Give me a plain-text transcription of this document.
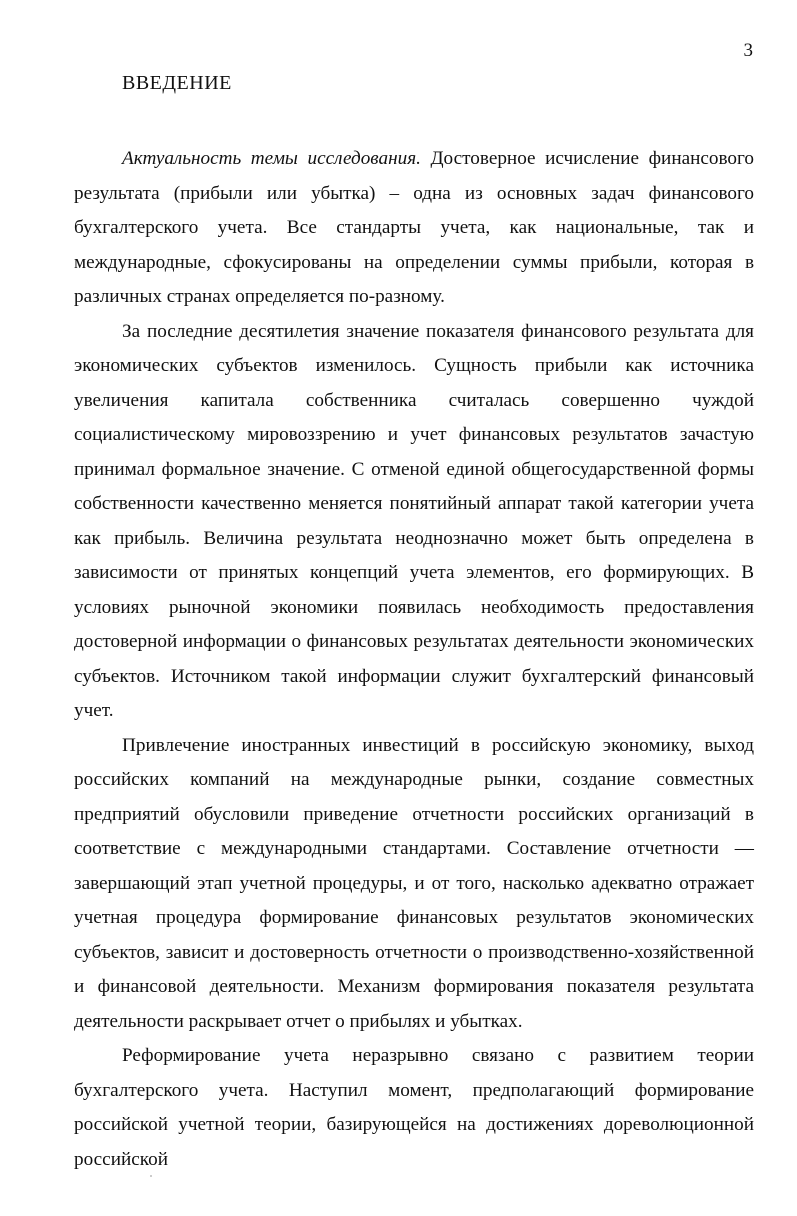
3
ВВЕДЕНИЕ

Актуальность темы исследования. Достоверное исчисление финансового результата (прибыли или убытка) – одна из основных задач финансового бухгалтерского учета. Все стандарты учета, как национальные, так и международные, сфокусированы на определении суммы прибыли, которая в различных странах определяется по-разному.

За последние десятилетия значение показателя финансового результата для экономических субъектов изменилось. Сущность прибыли как источника увеличения капитала собственника считалась совершенно чуждой социалистическому мировоззрению и учет финансовых результатов зачастую принимал формальное значение. С отменой единой общегосударственной формы собственности качественно меняется понятийный аппарат такой категории учета как прибыль. Величина результата неоднозначно может быть определена в зависимости от принятых концепций учета элементов, его формирующих. В условиях рыночной экономики появилась необходимость предоставления достоверной информации о финансовых результатах деятельности экономических субъектов. Источником такой информации служит бухгалтерский финансовый учет.

Привлечение иностранных инвестиций в российскую экономику, выход российских компаний на международные рынки, создание совместных предприятий обусловили приведение отчетности российских организаций в соответствие с международными стандартами. Составление отчетности — завершающий этап учетной процедуры, и от того, насколько адекватно отражает учетная процедура формирование финансовых результатов экономических субъектов, зависит и достоверность отчетности о производственно-хозяйственной и финансовой деятельности. Механизм формирования показателя результата деятельности раскрывает отчет о прибылях и убытках.

Реформирование учета неразрывно связано с развитием теории бухгалтерского учета. Наступил момент, предполагающий формирование российской учетной теории, базирующейся на достижениях дореволюционной российской
